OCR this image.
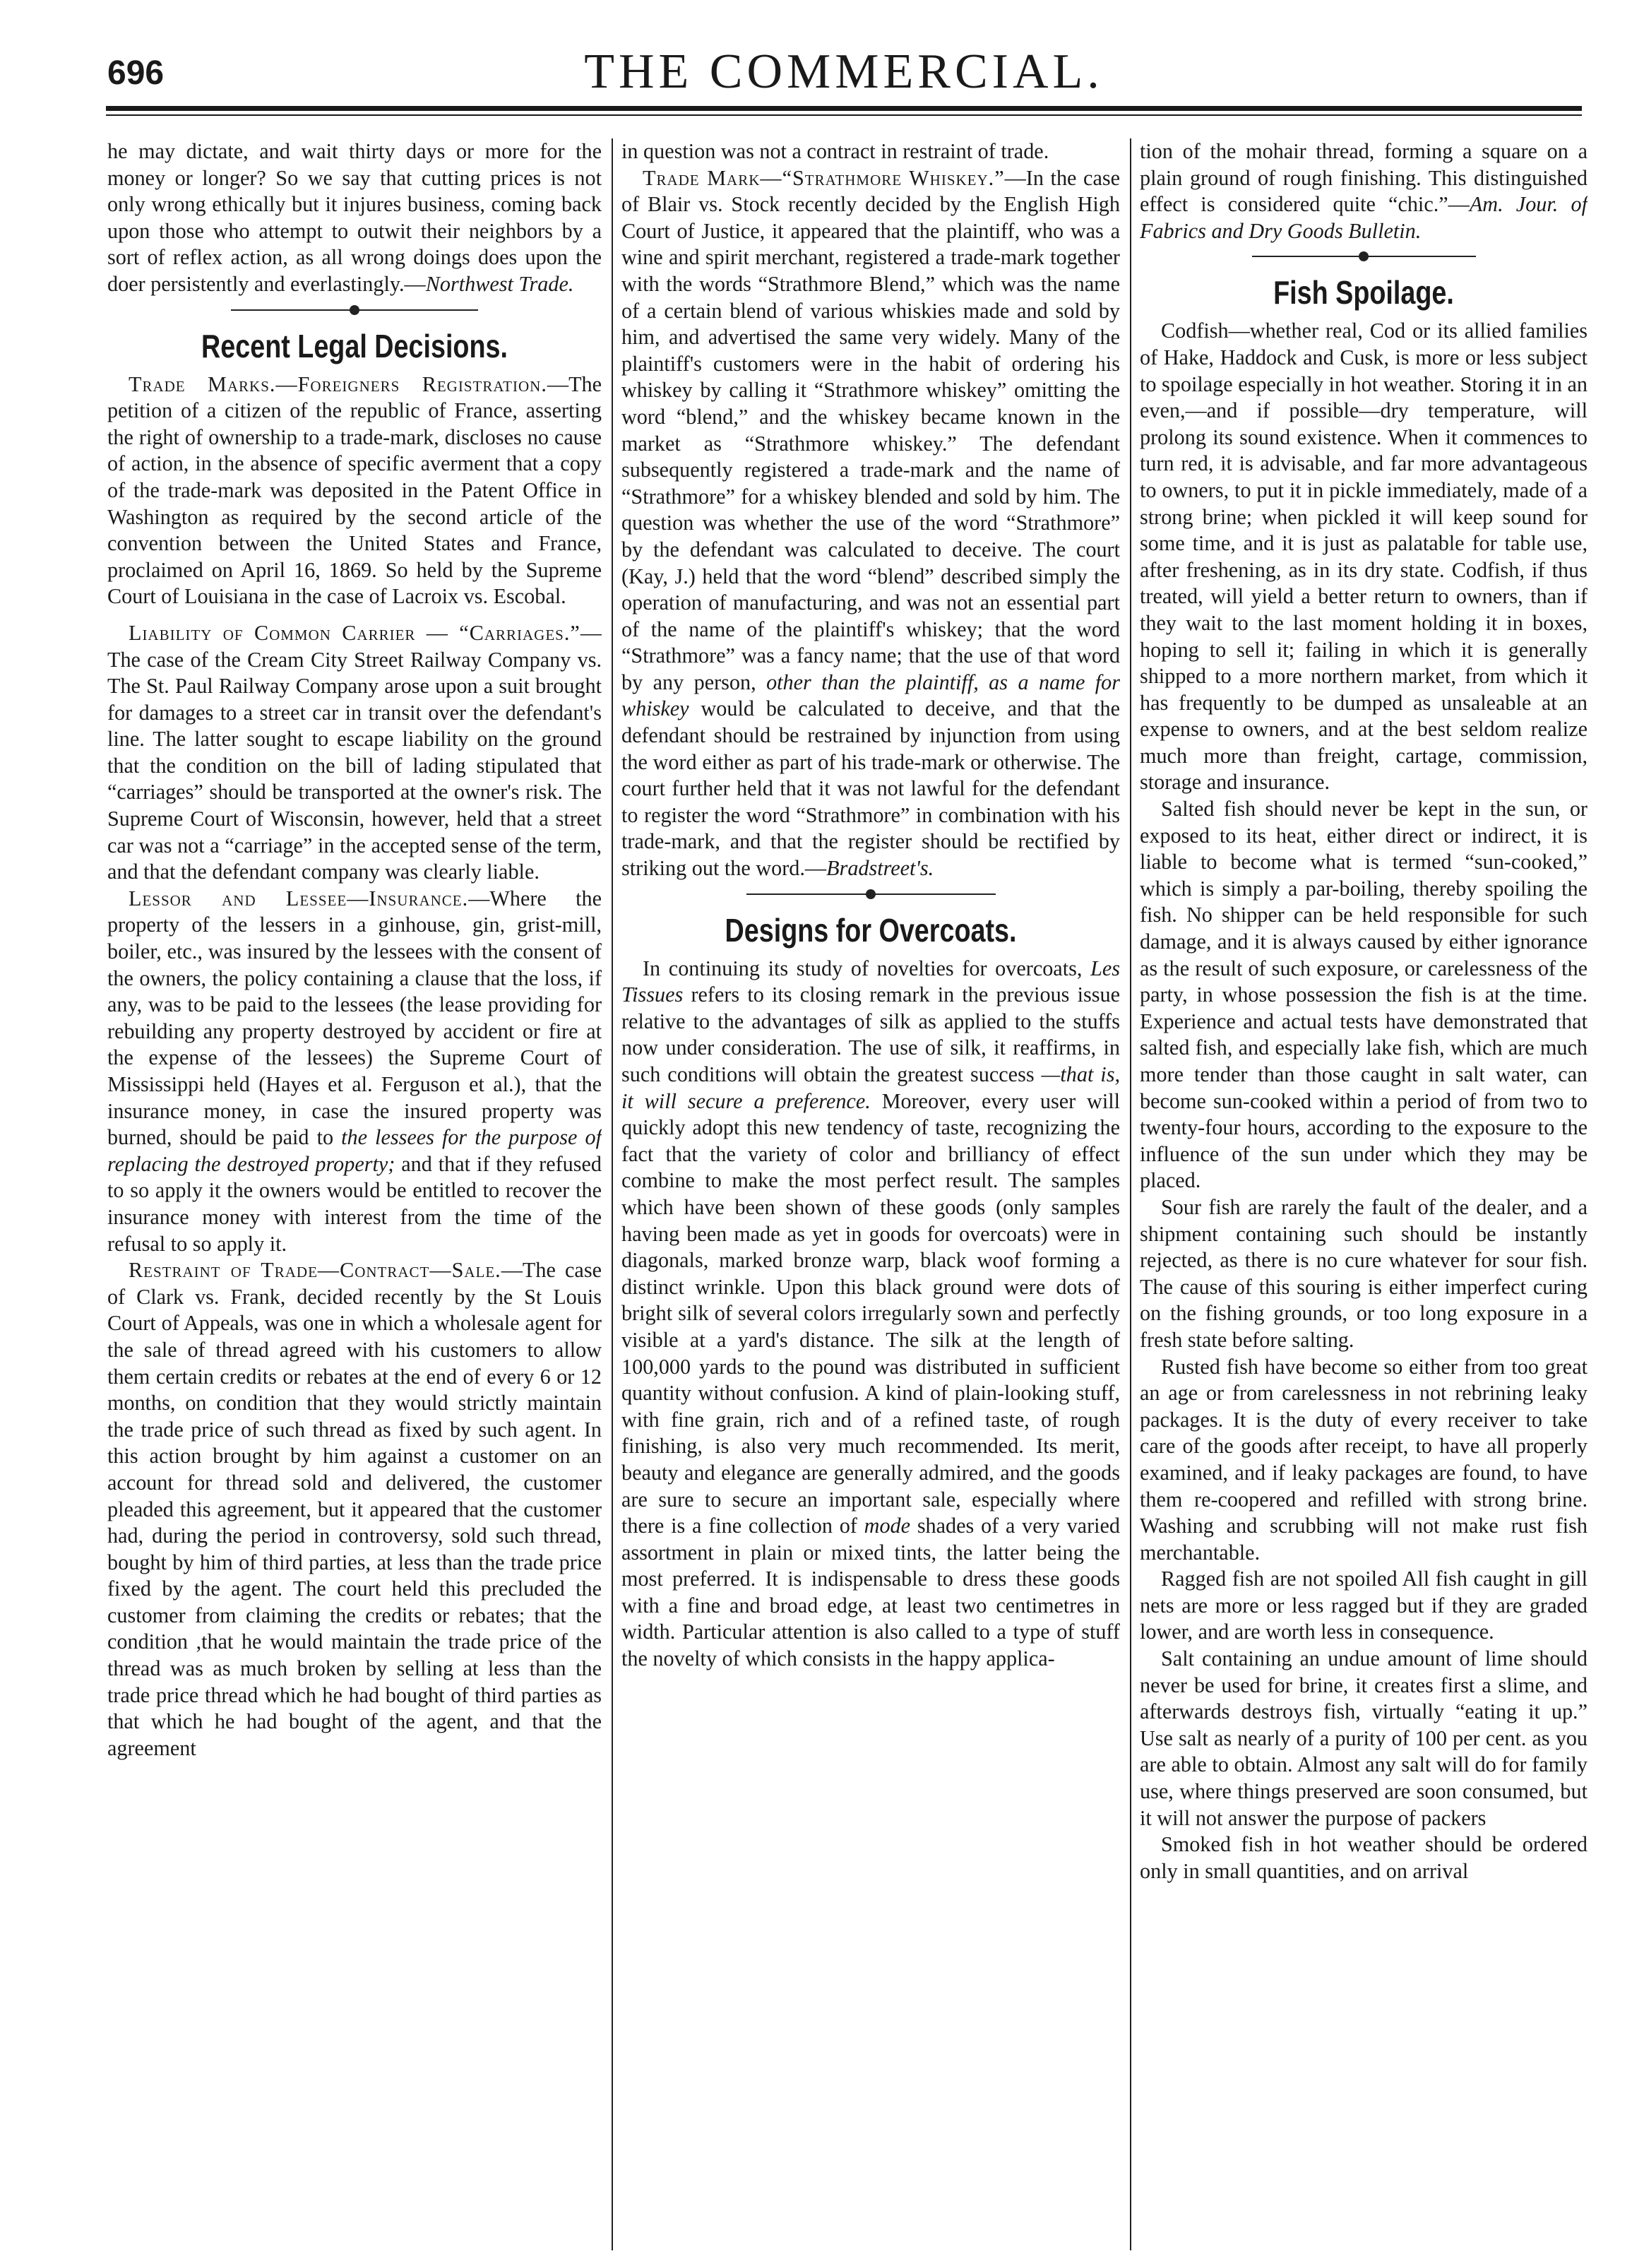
696	THE COMMERCIAL.

he may dictate, and wait thirty days or more for the money or longer? So we say that cutting prices is not only wrong ethically but it injures business, coming back upon those who attempt to outwit their neighbors by a sort of reflex action, as all wrong doings does upon the doer persistently and everlastingly.—Northwest Trade.

Recent Legal Decisions.

Trade Marks.—Foreigners Registration.—The petition of a citizen of the republic of France, asserting the right of ownership to a trade-mark, discloses no cause of action, in the absence of specific averment that a copy of the trade-mark was deposited in the Patent Office in Washington as required by the second article of the convention between the United States and France, proclaimed on April 16, 1869. So held by the Supreme Court of Louisiana in the case of Lacroix vs. Escobal.

Liability of Common Carrier — “Carriages.”—The case of the Cream City Street Railway Company vs. The St. Paul Railway Company arose upon a suit brought for damages to a street car in transit over the defendant's line. The latter sought to escape liability on the ground that the condition on the bill of lading stipulated that “carriages” should be transported at the owner's risk. The Supreme Court of Wisconsin, however, held that a street car was not a “carriage” in the accepted sense of the term, and that the defendant company was clearly liable.

Lessor and Lessee—Insurance.—Where the property of the lessers in a ginhouse, gin, grist-mill, boiler, etc., was insured by the lessees with the consent of the owners, the policy containing a clause that the loss, if any, was to be paid to the lessees (the lease providing for rebuilding any property destroyed by accident or fire at the expense of the lessees) the Supreme Court of Mississippi held (Hayes et al. Ferguson et al.), that the insurance money, in case the insured property was burned, should be paid to the lessees for the purpose of replacing the destroyed property; and that if they refused to so apply it the owners would be entitled to recover the insurance money with interest from the time of the refusal to so apply it.

Restraint of Trade—Contract—Sale.—The case of Clark vs. Frank, decided recently by the St Louis Court of Appeals, was one in which a wholesale agent for the sale of thread agreed with his customers to allow them certain credits or rebates at the end of every 6 or 12 months, on condition that they would strictly maintain the trade price of such thread as fixed by such agent. In this action brought by him against a customer on an account for thread sold and delivered, the customer pleaded this agreement, but it appeared that the customer had, during the period in controversy, sold such thread, bought by him of third parties, at less than the trade price fixed by the agent. The court held this precluded the customer from claiming the credits or rebates; that the condition ,that he would maintain the trade price of the thread was as much broken by selling at less than the trade price thread which he had bought of third parties as that which he had bought of the agent, and that the agreement

in question was not a contract in restraint of trade.

Trade Mark—“Strathmore Whiskey.”—In the case of Blair vs. Stock recently decided by the English High Court of Justice, it appeared that the plaintiff, who was a wine and spirit merchant, registered a trade-mark together with the words “Strathmore Blend,” which was the name of a certain blend of various whiskies made and sold by him, and advertised the same very widely. Many of the plaintiff's customers were in the habit of ordering his whiskey by calling it “Strathmore whiskey” omitting the word “blend,” and the whiskey became known in the market as “Strathmore whiskey.” The defendant subsequently registered a trade-mark and the name of “Strathmore” for a whiskey blended and sold by him. The question was whether the use of the word “Strathmore” by the defendant was calculated to deceive. The court (Kay, J.) held that the word “blend” described simply the operation of manufacturing, and was not an essential part of the name of the plaintiff's whiskey; that the word “Strathmore” was a fancy name; that the use of that word by any person, other than the plaintiff, as a name for whiskey would be calculated to deceive, and that the defendant should be restrained by injunction from using the word either as part of his trade-mark or otherwise. The court further held that it was not lawful for the defendant to register the word “Strathmore” in combination with his trade-mark, and that the register should be rectified by striking out the word.—Bradstreet's.

Designs for Overcoats.

In continuing its study of novelties for overcoats, Les Tissues refers to its closing remark in the previous issue relative to the advantages of silk as applied to the stuffs now under consideration. The use of silk, it reaffirms, in such conditions will obtain the greatest success —that is, it will secure a preference. Moreover, every user will quickly adopt this new tendency of taste, recognizing the fact that the variety of color and brilliancy of effect combine to make the most perfect result. The samples which have been shown of these goods (only samples having been made as yet in goods for overcoats) were in diagonals, marked bronze warp, black woof forming a distinct wrinkle. Upon this black ground were dots of bright silk of several colors irregularly sown and perfectly visible at a yard's distance. The silk at the length of 100,000 yards to the pound was distributed in sufficient quantity without confusion. A kind of plain-looking stuff, with fine grain, rich and of a refined taste, of rough finishing, is also very much recommended. Its merit, beauty and elegance are generally admired, and the goods are sure to secure an important sale, especially where there is a fine collection of mode shades of a very varied assortment in plain or mixed tints, the latter being the most preferred. It is indispensable to dress these goods with a fine and broad edge, at least two centimetres in width. Particular attention is also called to a type of stuff the novelty of which consists in the happy applica-

tion of the mohair thread, forming a square on a plain ground of rough finishing. This distinguished effect is considered quite “chic.”—Am. Jour. of Fabrics and Dry Goods Bulletin.

Fish Spoilage.

Codfish—whether real, Cod or its allied families of Hake, Haddock and Cusk, is more or less subject to spoilage especially in hot weather. Storing it in an even,—and if possible—dry temperature, will prolong its sound existence. When it commences to turn red, it is advisable, and far more advantageous to owners, to put it in pickle immediately, made of a strong brine; when pickled it will keep sound for some time, and it is just as palatable for table use, after freshening, as in its dry state. Codfish, if thus treated, will yield a better return to owners, than if they wait to the last moment holding it in boxes, hoping to sell it; failing in which it is generally shipped to a more northern market, from which it has frequently to be dumped as unsaleable at an expense to owners, and at the best seldom realize much more than freight, cartage, commission, storage and insurance.

Salted fish should never be kept in the sun, or exposed to its heat, either direct or indirect, it is liable to become what is termed “sun-cooked,” which is simply a par-boiling, thereby spoiling the fish. No shipper can be held responsible for such damage, and it is always caused by either ignorance as the result of such exposure, or carelessness of the party, in whose possession the fish is at the time. Experience and actual tests have demonstrated that salted fish, and especially lake fish, which are much more tender than those caught in salt water, can become sun-cooked within a period of from two to twenty-four hours, according to the exposure to the influence of the sun under which they may be placed.

Sour fish are rarely the fault of the dealer, and a shipment containing such should be instantly rejected, as there is no cure whatever for sour fish. The cause of this souring is either imperfect curing on the fishing grounds, or too long exposure in a fresh state before salting.

Rusted fish have become so either from too great an age or from carelessness in not rebrining leaky packages. It is the duty of every receiver to take care of the goods after receipt, to have all properly examined, and if leaky packages are found, to have them re-coopered and refilled with strong brine. Washing and scrubbing will not make rust fish merchantable.

Ragged fish are not spoiled All fish caught in gill nets are more or less ragged but if they are graded lower, and are worth less in consequence.

Salt containing an undue amount of lime should never be used for brine, it creates first a slime, and afterwards destroys fish, virtually “eating it up.” Use salt as nearly of a purity of 100 per cent. as you are able to obtain. Almost any salt will do for family use, where things preserved are soon consumed, but it will not answer the purpose of packers

Smoked fish in hot weather should be ordered only in small quantities, and on arrival
